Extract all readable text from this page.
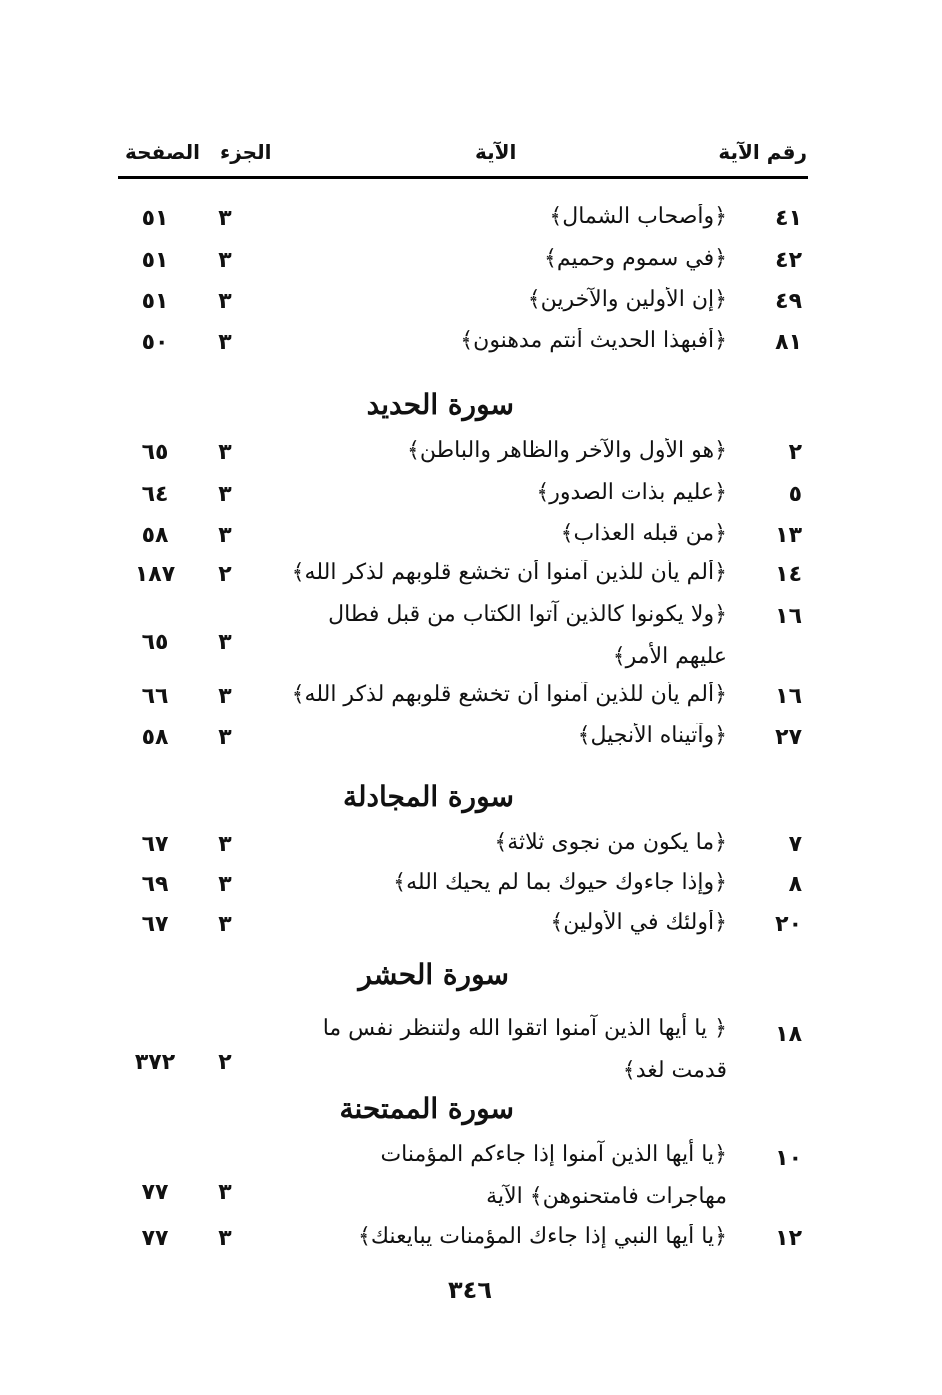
رقم الآية
الآية
الجزء
الصفحة
٤١
﴿وأصحاب الشمال﴾
٣
٥١
٤٢
﴿في سموم وحميم﴾
٣
٥١
٤٩
﴿إن الأولين والآخرين﴾
٣
٥١
٨١
﴿أفبهذا الحديث أنتم مدهنون﴾
٣
٥٠
سورة الحديد
٢
﴿هو الأول والآخر والظاهر والباطن﴾
٣
٦٥
٥
﴿عليم بذات الصدور﴾
٣
٦٤
١٣
﴿من قبله العذاب﴾
٣
٥٨
١٤
﴿ألم يأن للذين آمنوا أن تخشع قلوبهم لذكر الله﴾
٢
١٨٧
١٦
﴿ولا يكونوا كالذين آتوا الكتاب من قبل فطال
عليهم الأمر﴾
٣
٦٥
١٦
﴿ألم يأن للذين آمنوا أن تخشع قلوبهم لذكر الله﴾
٣
٦٦
٢٧
﴿وآتيناه الأنجيل﴾
٣
٥٨
سورة المجادلة
٧
﴿ما يكون من نجوى ثلاثة﴾
٣
٦٧
٨
﴿وإذا جاءوك حيوك بما لم يحيك الله﴾
٣
٦٩
٢٠
﴿أولئك في الأولين﴾
٣
٦٧
سورة الحشر
١٨
﴿ يا أيها الذين آمنوا اتقوا الله ولتنظر نفس ما
قدمت لغد﴾
٢
٣٧٢
سورة الممتحنة
١٠
﴿يا أيها الذين آمنوا إذا جاءكم المؤمنات
مهاجرات فامتحنوهن﴾ الآية
٣
٧٧
١٢
﴿يا أيها النبي إذا جاءك المؤمنات يبايعنك﴾
٣
٧٧
٣٤٦
